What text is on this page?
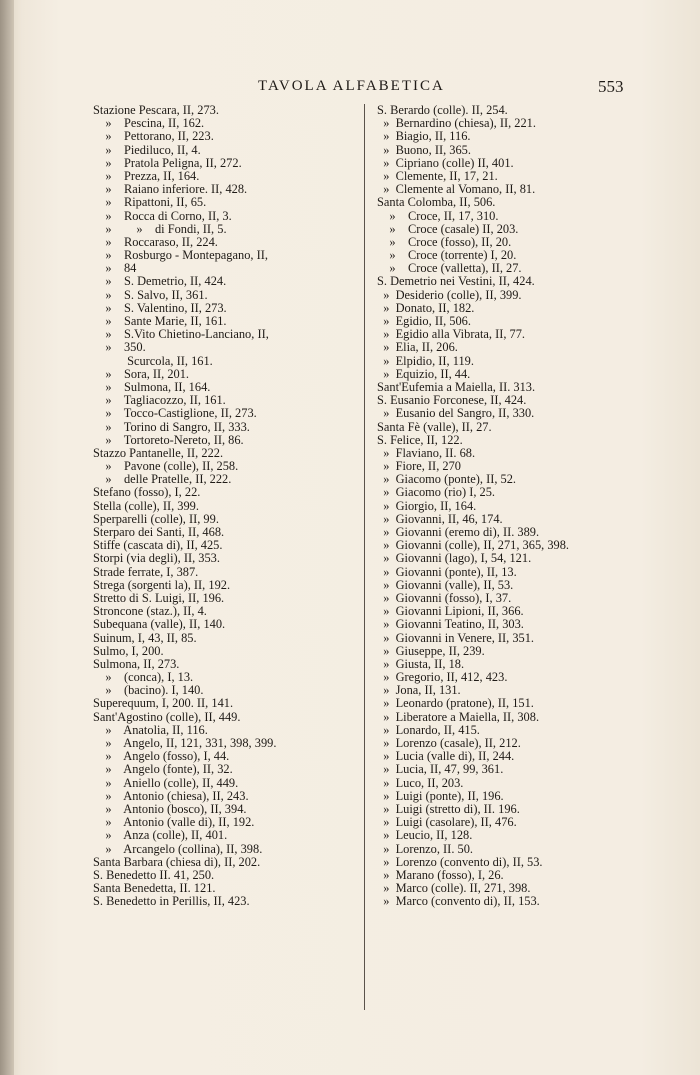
TAVOLA ALFABETICA	553
Stazione Pescara, II, 273.
»    Pescina, II, 162.
»    Pettorano, II, 223.
»    Piediluco, II, 4.
»    Pratola Peligna, II, 272.
»    Prezza, II, 164.
»    Raiano inferiore. II, 428.
»    Ripattoni, II, 65.
»    Rocca di Corno, II, 3.
»        »    di Fondi, II, 5.
»    Roccaraso, II, 224.
»    Rosburgo - Montepagano, II,
»    84
»    S. Demetrio, II, 424.
»    S. Salvo, II, 361.
»    S. Valentino, II, 273.
»    Sante Marie, II, 161.
»    S.Vito Chietino-Lanciano, II,
»    350.
Scurcola, II, 161.
»    Sora, II, 201.
»    Sulmona, II, 164.
»    Tagliacozzo, II, 161.
»    Tocco-Castiglione, II, 273.
»    Torino di Sangro, II, 333.
»    Tortoreto-Nereto, II, 86.
Stazzo Pantanelle, II, 222.
»    Pavone (colle), II, 258.
»    delle Pratelle, II, 222.
Stefano (fosso), I, 22.
Stella (colle), II, 399.
Sperparelli (colle), II, 99.
Sterparo dei Santi, II, 468.
Stiffe (cascata di), II, 425.
Storpi (via degli), II, 353.
Strade ferrate, I, 387.
Strega (sorgenti la), II, 192.
Stretto di S. Luigi, II, 196.
Stroncone (staz.), II, 4.
Subequana (valle), II, 140.
Suinum, I, 43, II, 85.
Sulmo, I, 200.
Sulmona, II, 273.
»    (conca), I, 13.
»    (bacino). I, 140.
Superequum, I, 200. II, 141.
Sant'Agostino (colle), II, 449.
»    Anatolia, II, 116.
»    Angelo, II, 121, 331, 398, 399.
»    Angelo (fosso), I, 44.
»    Angelo (fonte), II, 32.
»    Aniello (colle), II, 449.
»    Antonio (chiesa), II, 243.
»    Antonio (bosco), II, 394.
»    Antonio (valle di), II, 192.
»    Anza (colle), II, 401.
»    Arcangelo (collina), II, 398.
Santa Barbara (chiesa di), II, 202.
S. Benedetto II. 41, 250.
Santa Benedetta, II. 121.
S. Benedetto in Perillis, II, 423.
S. Berardo (colle). II, 254.
»  Bernardino (chiesa), II, 221.
»  Biagio, II, 116.
»  Buono, II, 365.
»  Cipriano (colle) II, 401.
»  Clemente, II, 17, 21.
»  Clemente al Vomano, II, 81.
Santa Colomba, II, 506.
»    Croce, II, 17, 310.
»    Croce (casale) II, 203.
»    Croce (fosso), II, 20.
»    Croce (torrente) I, 20.
»    Croce (valletta), II, 27.
S. Demetrio nei Vestini, II, 424.
»  Desiderio (colle), II, 399.
»  Donato, II, 182.
»  Egidio, II, 506.
»  Egidio alla Vibrata, II, 77.
»  Elia, II, 206.
»  Elpidio, II, 119.
»  Equizio, II, 44.
Sant'Eufemia a Maiella, II. 313.
S. Eusanio Forconese, II, 424.
»  Eusanio del Sangro, II, 330.
Santa Fè (valle), II, 27.
S. Felice, II, 122.
»  Flaviano, II. 68.
»  Fiore, II, 270
»  Giacomo (ponte), II, 52.
»  Giacomo (rio) I, 25.
»  Giorgio, II, 164.
»  Giovanni, II, 46, 174.
»  Giovanni (eremo di), II. 389.
»  Giovanni (colle), II, 271, 365, 398.
»  Giovanni (lago), I, 54, 121.
»  Giovanni (ponte), II, 13.
»  Giovanni (valle), II, 53.
»  Giovanni (fosso), I, 37.
»  Giovanni Lipioni, II, 366.
»  Giovanni Teatino, II, 303.
»  Giovanni in Venere, II, 351.
»  Giuseppe, II, 239.
»  Giusta, II, 18.
»  Gregorio, II, 412, 423.
»  Jona, II, 131.
»  Leonardo (pratone), II, 151.
»  Liberatore a Maiella, II, 308.
»  Lonardo, II, 415.
»  Lorenzo (casale), II, 212.
»  Lucia (valle di), II, 244.
»  Lucia, II, 47, 99, 361.
»  Luco, II, 203.
»  Luigi (ponte), II, 196.
»  Luigi (stretto di), II. 196.
»  Luigi (casolare), II, 476.
»  Leucio, II, 128.
»  Lorenzo, II. 50.
»  Lorenzo (convento di), II, 53.
»  Marano (fosso), I, 26.
»  Marco (colle). II, 271, 398.
»  Marco (convento di), II, 153.
